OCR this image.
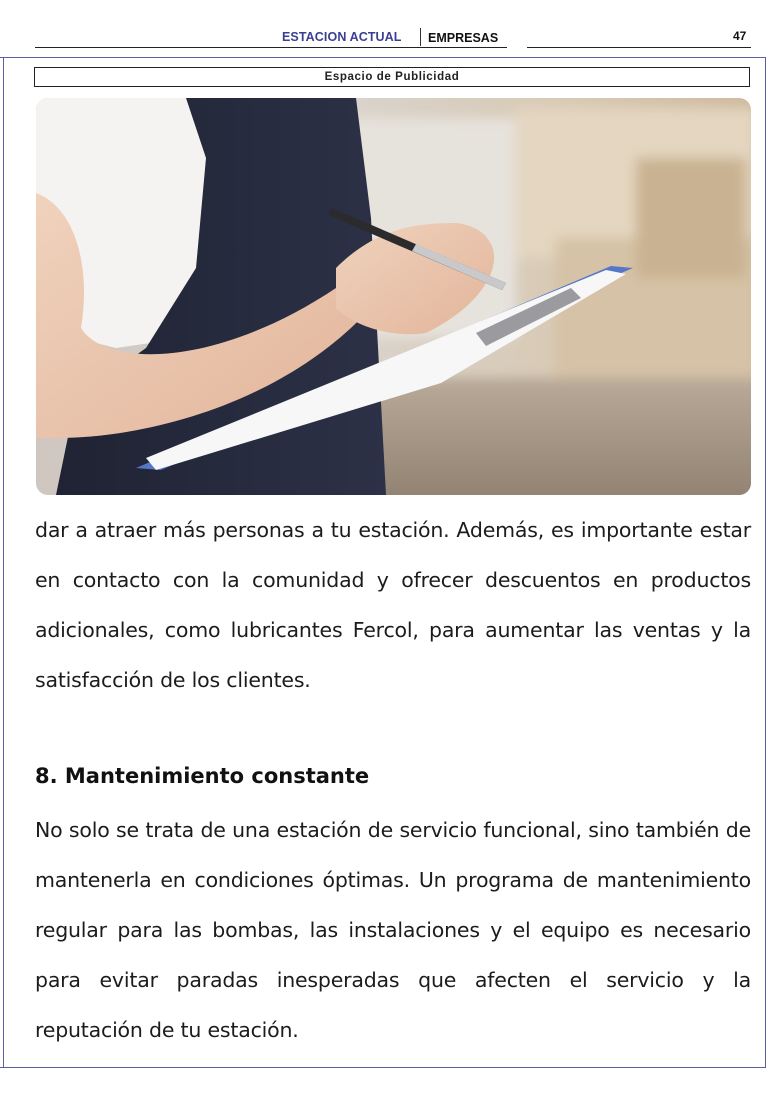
ESTACION ACTUAL EMPRESAS	47
Espacio de Publicidad
dar a atraer más personas a tu estación. Además, es importante estar en contacto con la comunidad y ofrecer descuentos en productos adicionales, como lubricantes Fercol, para aumentar las ventas y la satisfacción de los clientes.
8. Mantenimiento constante
No solo se trata de una estación de servicio funcional, sino también de mantenerla en condiciones óptimas. Un programa de mantenimiento regular para las bombas, las instalaciones y el equipo es necesario para evitar paradas inesperadas que afecten el servicio y la reputación de tu estación.
